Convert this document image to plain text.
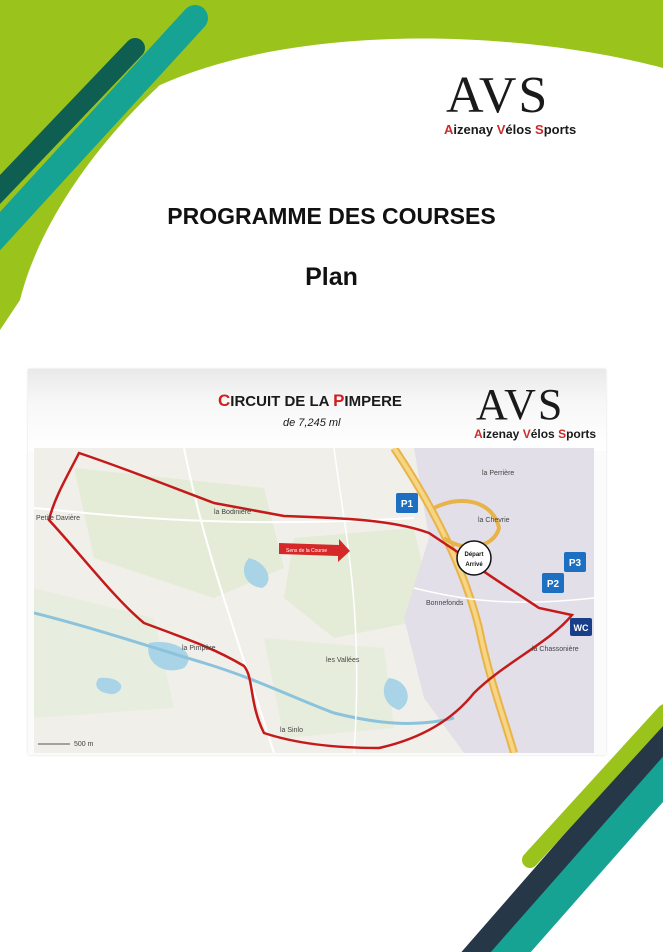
AVS
Aizenay Vélos Sports
PROGRAMME DES COURSES
Plan
CIRCUIT DE LA PIMPERE
de 7,245 ml	AVS
Aizenay Vélos Sports
Sens de la Course
Départ
Arrivé
P1
P2
P3
WC
la Bodinière
Petite Davière
la Pimpère
les Vallées
Bonnefonds
la Chevrie
la Perrière
la Chassonière
la Sinlo
500 m
